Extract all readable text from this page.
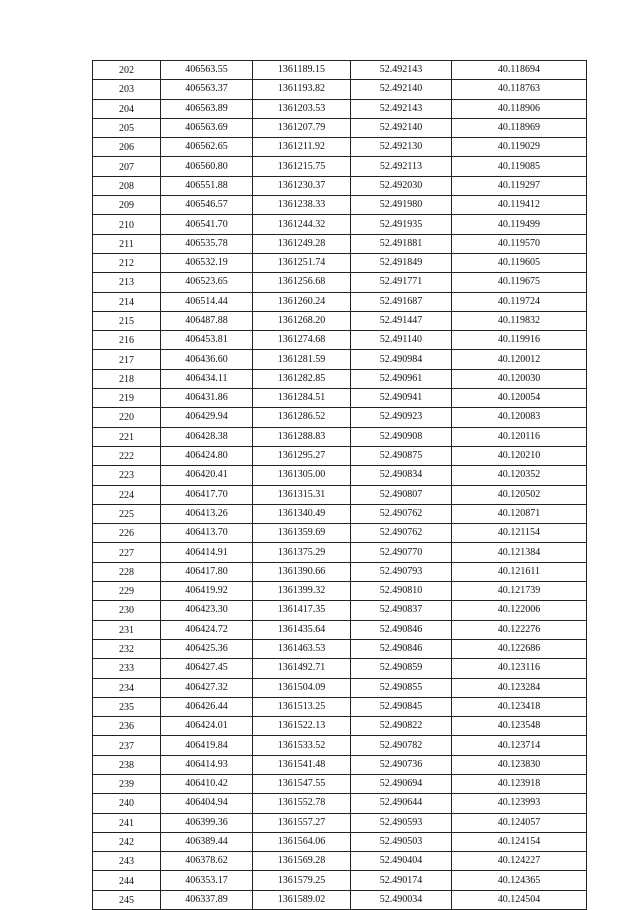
202	406563.55	1361189.15	52.492143	40.118694
203	406563.37	1361193.82	52.492140	40.118763
204	406563.89	1361203.53	52.492143	40.118906
205	406563.69	1361207.79	52.492140	40.118969
206	406562.65	1361211.92	52.492130	40.119029
207	406560.80	1361215.75	52.492113	40.119085
208	406551.88	1361230.37	52.492030	40.119297
209	406546.57	1361238.33	52.491980	40.119412
210	406541.70	1361244.32	52.491935	40.119499
211	406535.78	1361249.28	52.491881	40.119570
212	406532.19	1361251.74	52.491849	40.119605
213	406523.65	1361256.68	52.491771	40.119675
214	406514.44	1361260.24	52.491687	40.119724
215	406487.88	1361268.20	52.491447	40.119832
216	406453.81	1361274.68	52.491140	40.119916
217	406436.60	1361281.59	52.490984	40.120012
218	406434.11	1361282.85	52.490961	40.120030
219	406431.86	1361284.51	52.490941	40.120054
220	406429.94	1361286.52	52.490923	40.120083
221	406428.38	1361288.83	52.490908	40.120116
222	406424.80	1361295.27	52.490875	40.120210
223	406420.41	1361305.00	52.490834	40.120352
224	406417.70	1361315.31	52.490807	40.120502
225	406413.26	1361340.49	52.490762	40.120871
226	406413.70	1361359.69	52.490762	40.121154
227	406414.91	1361375.29	52.490770	40.121384
228	406417.80	1361390.66	52.490793	40.121611
229	406419.92	1361399.32	52.490810	40.121739
230	406423.30	1361417.35	52.490837	40.122006
231	406424.72	1361435.64	52.490846	40.122276
232	406425.36	1361463.53	52.490846	40.122686
233	406427.45	1361492.71	52.490859	40.123116
234	406427.32	1361504.09	52.490855	40.123284
235	406426.44	1361513.25	52.490845	40.123418
236	406424.01	1361522.13	52.490822	40.123548
237	406419.84	1361533.52	52.490782	40.123714
238	406414.93	1361541.48	52.490736	40.123830
239	406410.42	1361547.55	52.490694	40.123918
240	406404.94	1361552.78	52.490644	40.123993
241	406399.36	1361557.27	52.490593	40.124057
242	406389.44	1361564.06	52.490503	40.124154
243	406378.62	1361569.28	52.490404	40.124227
244	406353.17	1361579.25	52.490174	40.124365
245	406337.89	1361589.02	52.490034	40.124504
